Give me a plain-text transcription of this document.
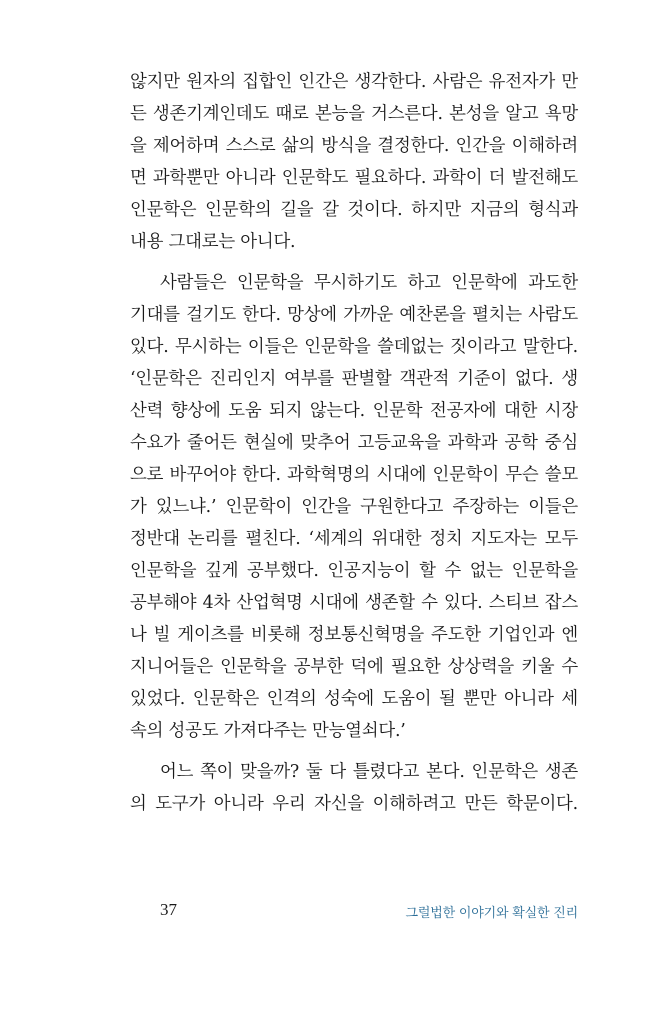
않지만 원자의 집합인 인간은 생각한다. 사람은 유전자가 만
든 생존기계인데도 때로 본능을 거스른다. 본성을 알고 욕망
을 제어하며 스스로 삶의 방식을 결정한다. 인간을 이해하려
면 과학뿐만 아니라 인문학도 필요하다. 과학이 더 발전해도
인문학은 인문학의 길을 갈 것이다. 하지만 지금의 형식과
내용 그대로는 아니다.
사람들은 인문학을 무시하기도 하고 인문학에 과도한
기대를 걸기도 한다. 망상에 가까운 예찬론을 펼치는 사람도
있다. 무시하는 이들은 인문학을 쓸데없는 짓이라고 말한다.
‘인문학은 진리인지 여부를 판별할 객관적 기준이 없다. 생
산력 향상에 도움 되지 않는다. 인문학 전공자에 대한 시장
수요가 줄어든 현실에 맞추어 고등교육을 과학과 공학 중심
으로 바꾸어야 한다. 과학혁명의 시대에 인문학이 무슨 쓸모
가 있느냐.’ 인문학이 인간을 구원한다고 주장하는 이들은
정반대 논리를 펼친다. ‘세계의 위대한 정치 지도자는 모두
인문학을 깊게 공부했다. 인공지능이 할 수 없는 인문학을
공부해야 4차 산업혁명 시대에 생존할 수 있다. 스티브 잡스
나 빌 게이츠를 비롯해 정보통신혁명을 주도한 기업인과 엔
지니어들은 인문학을 공부한 덕에 필요한 상상력을 키울 수
있었다. 인문학은 인격의 성숙에 도움이 될 뿐만 아니라 세
속의 성공도 가져다주는 만능열쇠다.’
어느 쪽이 맞을까? 둘 다 틀렸다고 본다. 인문학은 생존
의 도구가 아니라 우리 자신을 이해하려고 만든 학문이다.
37	그럴법한 이야기와 확실한 진리
